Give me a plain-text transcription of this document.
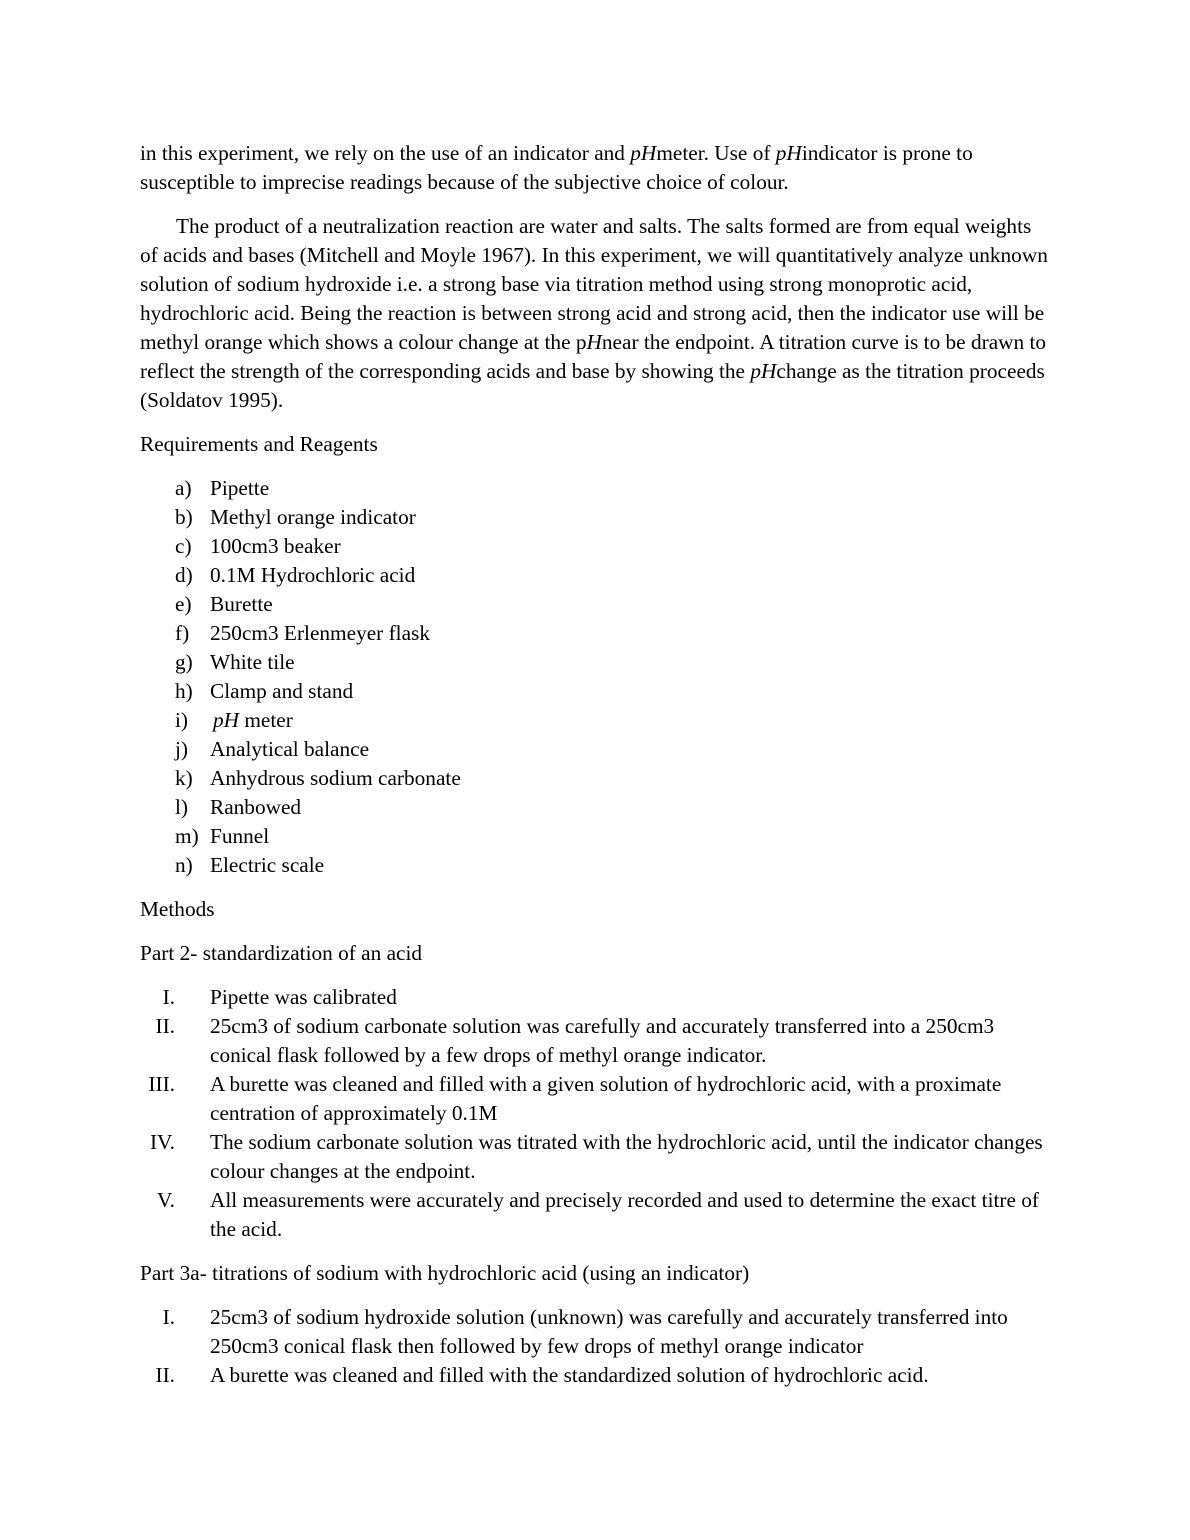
in this experiment, we rely on the use of an indicator and pHmeter. Use of pHindicator is prone to susceptible to imprecise readings because of the subjective choice of colour.

The product of a neutralization reaction are water and salts. The salts formed are from equal weights of acids and bases (Mitchell and Moyle 1967). In this experiment, we will quantitatively analyze unknown solution of sodium hydroxide i.e. a strong base via titration method using strong monoprotic acid, hydrochloric acid. Being the reaction is between strong acid and strong acid, then the indicator use will be methyl orange which shows a colour change at the pHnear the endpoint. A titration curve is to be drawn to reflect the strength of the corresponding acids and base by showing the pHchange as the titration proceeds (Soldatov 1995).

Requirements and Reagents

a) Pipette
b) Methyl orange indicator
c) 100cm3 beaker
d) 0.1M Hydrochloric acid
e) Burette
f) 250cm3 Erlenmeyer flask
g) White tile
h) Clamp and stand
i) pH meter
j) Analytical balance
k) Anhydrous sodium carbonate
l) Ranbowed
m) Funnel
n) Electric scale

Methods

Part 2- standardization of an acid

I. Pipette was calibrated
II. 25cm3 of sodium carbonate solution was carefully and accurately transferred into a 250cm3 conical flask followed by a few drops of methyl orange indicator.
III. A burette was cleaned and filled with a given solution of hydrochloric acid, with a proximate centration of approximately 0.1M
IV. The sodium carbonate solution was titrated with the hydrochloric acid, until the indicator changes colour changes at the endpoint.
V. All measurements were accurately and precisely recorded and used to determine the exact titre of the acid.

Part 3a- titrations of sodium with hydrochloric acid (using an indicator)

I. 25cm3 of sodium hydroxide solution (unknown) was carefully and accurately transferred into 250cm3 conical flask then followed by few drops of methyl orange indicator
II. A burette was cleaned and filled with the standardized solution of hydrochloric acid.
